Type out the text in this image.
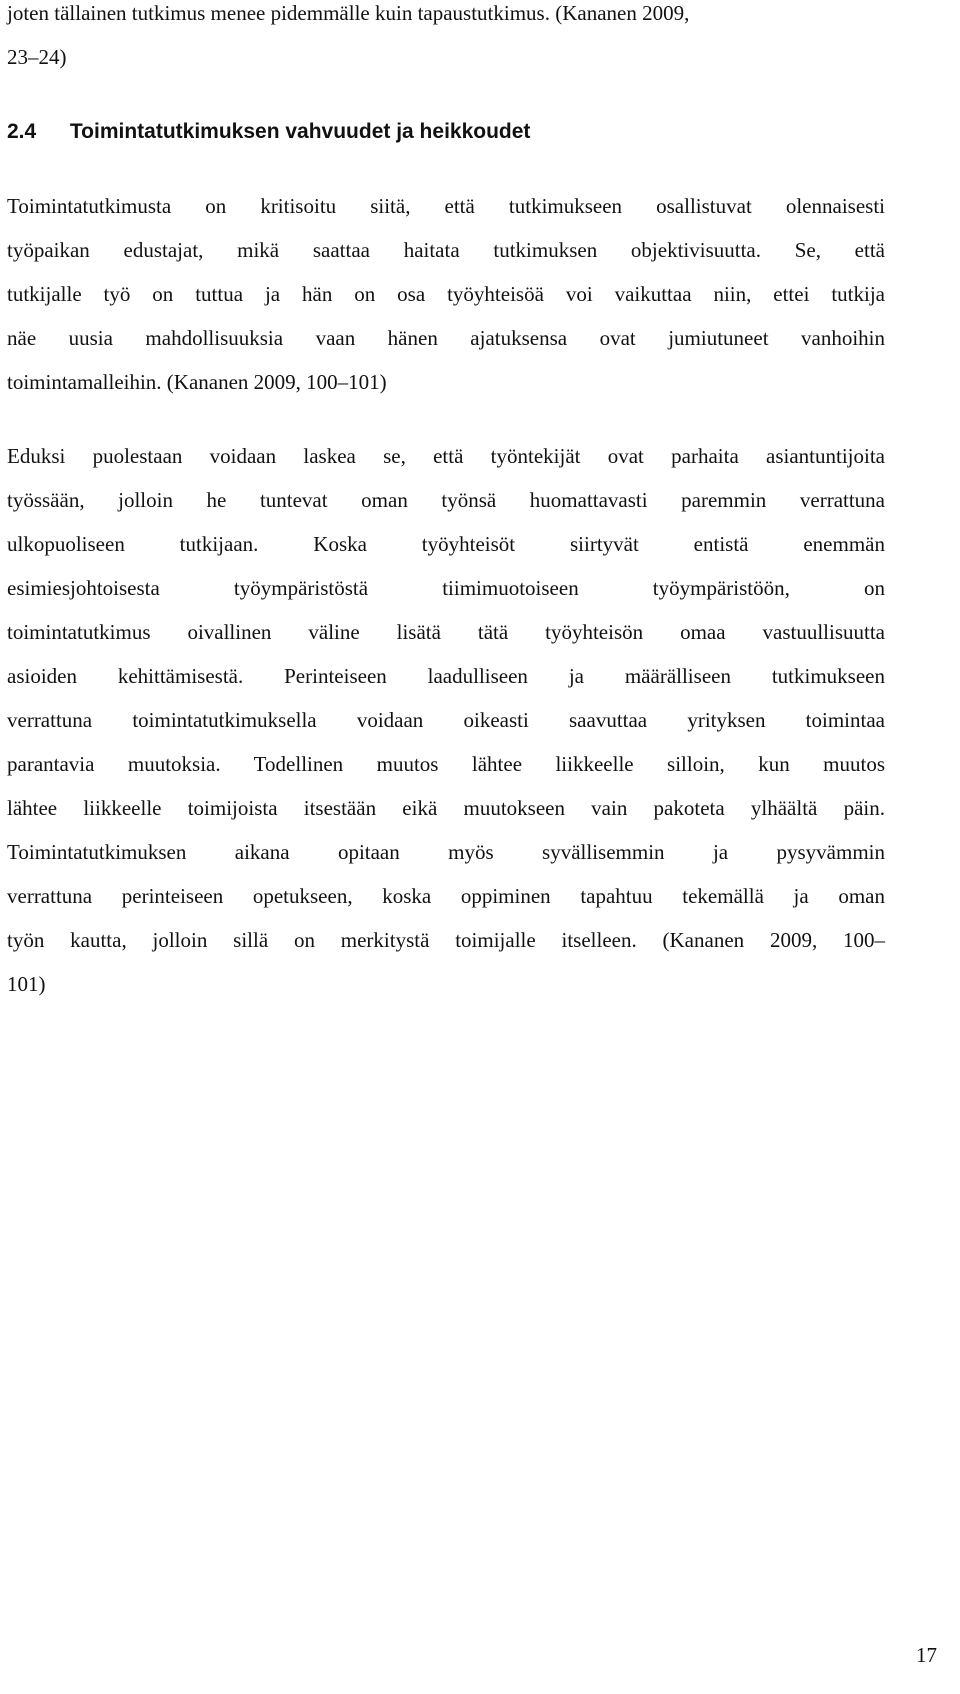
joten tällainen tutkimus menee pidemmälle kuin tapaustutkimus. (Kananen 2009,
23–24)
2.4 Toimintatutkimuksen vahvuudet ja heikkoudet
Toimintatutkimusta on kritisoitu siitä, että tutkimukseen osallistuvat olennaisesti
työpaikan edustajat, mikä saattaa haitata tutkimuksen objektivisuutta. Se, että
tutkijalle työ on tuttua ja hän on osa työyhteisöä voi vaikuttaa niin, ettei tutkija
näe uusia mahdollisuuksia vaan hänen ajatuksensa ovat jumiutuneet vanhoihin
toimintamalleihin. (Kananen 2009, 100–101)
Eduksi puolestaan voidaan laskea se, että työntekijät ovat parhaita asiantuntijoita
työssään, jolloin he tuntevat oman työnsä huomattavasti paremmin verrattuna
ulkopuoliseen tutkijaan. Koska työyhteisöt siirtyvät entistä enemmän
esimiesjohtoisesta työympäristöstä tiimimuotoiseen työympäristöön, on
toimintatutkimus oivallinen väline lisätä tätä työyhteisön omaa vastuullisuutta
asioiden kehittämisestä. Perinteiseen laadulliseen ja määrälliseen tutkimukseen
verrattuna toimintatutkimuksella voidaan oikeasti saavuttaa yrityksen toimintaa
parantavia muutoksia. Todellinen muutos lähtee liikkeelle silloin, kun muutos
lähtee liikkeelle toimijoista itsestään eikä muutokseen vain pakoteta ylhäältä päin.
Toimintatutkimuksen aikana opitaan myös syvällisemmin ja pysyvämmin
verrattuna perinteiseen opetukseen, koska oppiminen tapahtuu tekemällä ja oman
työn kautta, jolloin sillä on merkitystä toimijalle itselleen. (Kananen 2009, 100–
101)
17
